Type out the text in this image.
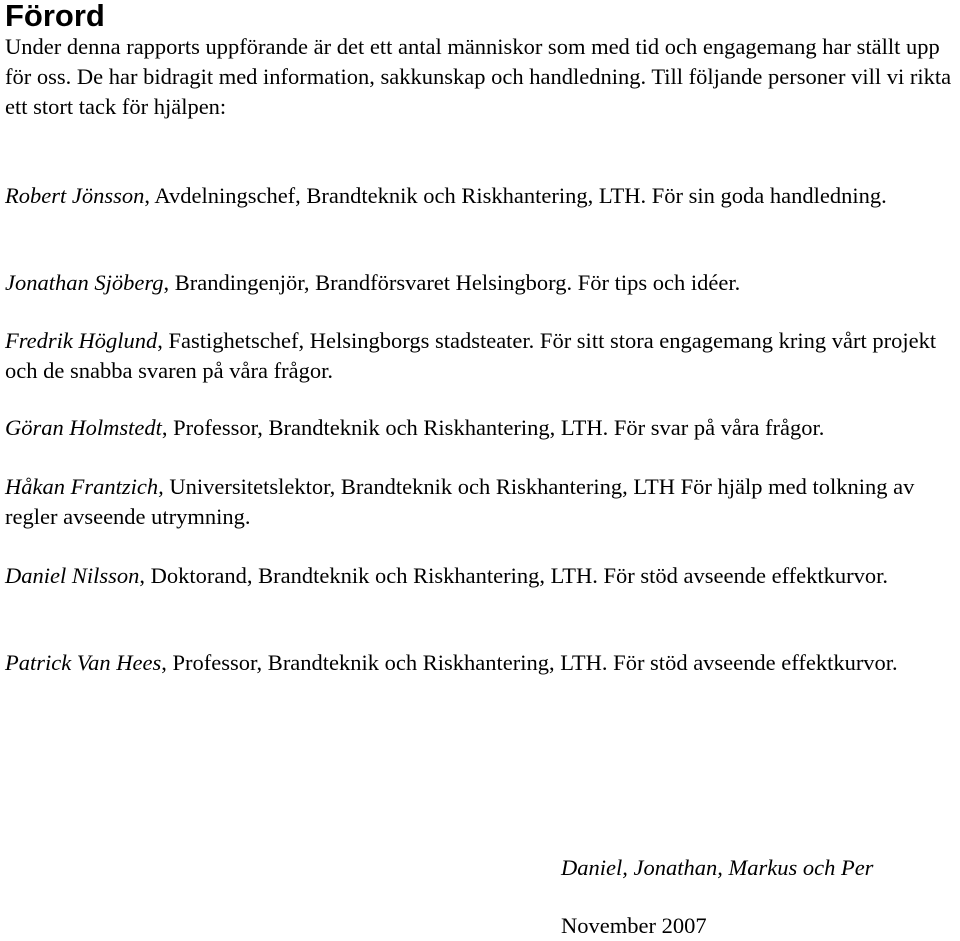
Förord

Under denna rapports uppförande är det ett antal människor som med tid och engagemang har ställt upp för oss. De har bidragit med information, sakkunskap och handledning. Till följande personer vill vi rikta ett stort tack för hjälpen:

Robert Jönsson, Avdelningschef, Brandteknik och Riskhantering, LTH. För sin goda handledning.

Jonathan Sjöberg, Brandingenjör, Brandförsvaret Helsingborg. För tips och idéer.

Fredrik Höglund, Fastighetschef, Helsingborgs stadsteater. För sitt stora engagemang kring vårt projekt och de snabba svaren på våra frågor.

Göran Holmstedt, Professor, Brandteknik och Riskhantering, LTH. För svar på våra frågor.

Håkan Frantzich, Universitetslektor, Brandteknik och Riskhantering, LTH För hjälp med tolkning av regler avseende utrymning.

Daniel Nilsson, Doktorand, Brandteknik och Riskhantering, LTH. För stöd avseende effektkurvor.

Patrick Van Hees, Professor, Brandteknik och Riskhantering, LTH. För stöd avseende effektkurvor.

Daniel, Jonathan, Markus och Per

November 2007
